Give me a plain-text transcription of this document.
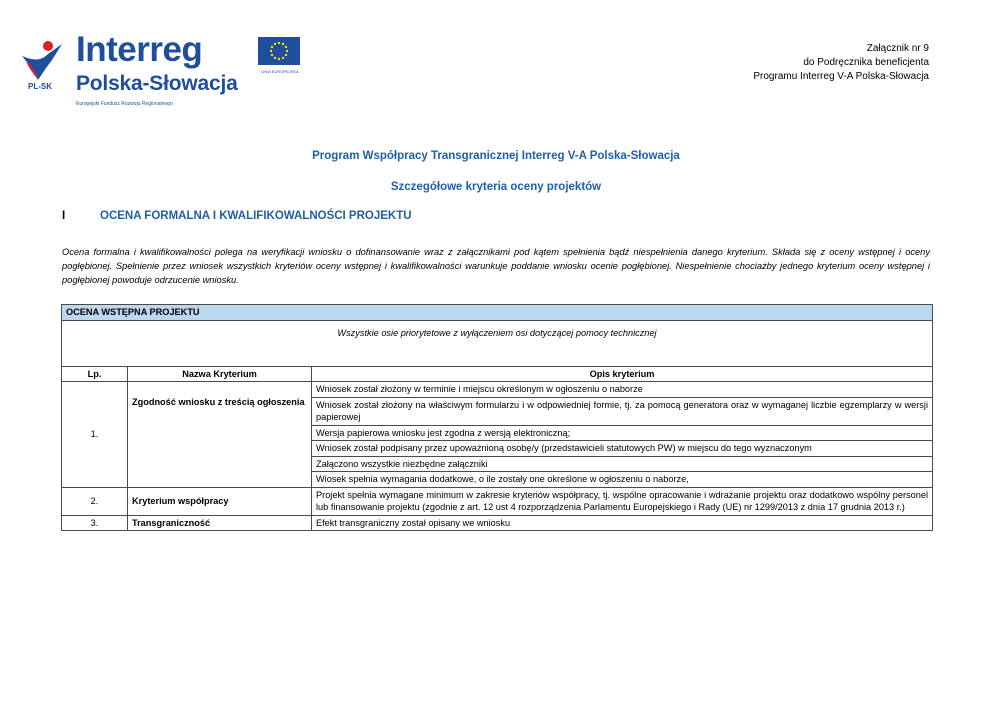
PL-SK
Interreg
Polska-Słowacja
Europejski Fundusz Rozwoju Regionalnego
UNIA EUROPEJSKA
Załącznik nr 9
do Podręcznika beneficjenta
Programu Interreg V-A Polska-Słowacja
Program Współpracy Transgranicznej Interreg V-A Polska-Słowacja
Szczegółowe kryteria oceny projektów
I	OCENA FORMALNA I KWALIFIKOWALNOŚCI PROJEKTU
Ocena formalna i kwalifikowalności polega na weryfikacji wniosku o dofinansowanie wraz z załącznikami pod kątem spełnienia bądź niespełnienia danego kryterium. Składa się z oceny wstępnej i oceny pogłębionej. Spełnienie przez wniosek wszystkich kryteriów oceny wstępnej i kwalifikowalności warunkuje poddanie wniosku ocenie pogłębionej. Niespełnienie chociażby jednego kryterium oceny wstępnej i pogłębionej powoduje odrzucenie wniosku.
OCENA WSTĘPNA PROJEKTU		
Wszystkie osie priorytetowe z wyłączeniem osi dotyczącej pomocy technicznej		
Lp.	Nazwa Kryterium	Opis kryterium
1.	Zgodność wniosku z treścią ogłoszenia	Wniosek został złożony w terminie i miejscu określonym w ogłoszeniu o naborze
		Wniosek został złożony na właściwym formularzu i w odpowiedniej formie, tj. za pomocą generatora oraz w wymaganej liczbie egzemplarzy w wersji papierowej
		Wersja papierowa wniosku jest zgodna z wersją elektroniczną;
		Wniosek został podpisany przez upoważnioną osobę/y (przedstawicieli statutowych PW) w miejscu do tego wyznaczonym
		Załączono wszystkie niezbędne załączniki
		Wiosek spełnia wymagania dodatkowe, o ile zostały one określone w ogłoszeniu o naborze,
2.	Kryterium współpracy	Projekt spełnia wymagane minimum w zakresie kryteriów współpracy, tj. wspólne opracowanie i wdrażanie projektu oraz dodatkowo wspólny personel lub finansowanie projektu (zgodnie z art. 12 ust 4 rozporządzenia Parlamentu Europejskiego i Rady (UE) nr 1299/2013 z dnia 17 grudnia 2013 r.)
3.	Transgraniczność	Efekt transgraniczny został opisany we wniosku
